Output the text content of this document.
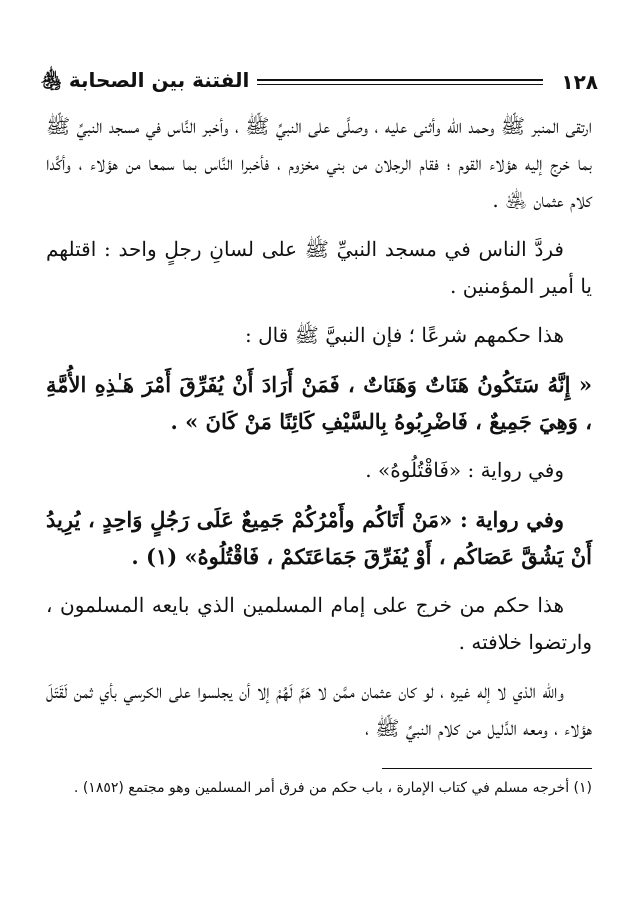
١٢٨
الفتنة بين الصحابة ﵃

ارتقى المنبر ﷺ وحمد الله وأثنى عليه ، وصلَّى على النبيِّ ﷺ ، وأخبر النَّاس في مسجد النبيِّ ﷺ بما خرج إليه هؤلاء القوم ؛ فقام الرجلان من بني مخزوم ، فأخبرا النَّاس بما سمعا من هؤلاء ، وأكَّدا كلام عثمان ﵁ .

فردَّ الناس في مسجد النبيِّ ﷺ على لسانِ رجلٍ واحد : اقتلهم يا أمير المؤمنين .

هذا حكمهم شرعًا ؛ فإن النبيَّ ﷺ قال :

« إِنَّهُ سَتَكُونُ هَنَاتٌ وَهَنَاتٌ ، فَمَنْ أَرَادَ أَنْ يُفَرِّقَ أَمْرَ هَـٰذِهِ الأُمَّةِ ، وَهِيَ جَمِيعٌ ، فَاضْرِبُوهُ بِالسَّيْفِ كَائِنًا مَنْ كَانَ » .

وفي رواية : «فَاقْتُلُوهُ» .

وفي رواية : «مَنْ أَتَاكُم وأَمْرُكُمْ جَمِيعٌ عَلَى رَجُلٍ وَاحِدٍ ، يُرِيدُ أَنْ يَشُقَّ عَصَاكُم ، أَوْ يُفَرِّقَ جَمَاعَتَكمْ ، فَاقْتُلُوهُ» (١) .

هذا حكم من خرج على إمام المسلمين الذي بايعه المسلمون ، وارتضوا خلافته .

والله الذي لا إله غيره ، لو كان عثمان ممَّن لا هَمَّ لَهُمْ إلا أن يجلسوا على الكرسي بأي ثمن لَقَتَلَ هؤلاء ، ومعه الدَّليل من كلام النبيِّ ﷺ ،

(١) أخرجه مسلم في كتاب الإمارة ، باب حكم من فرق أمر المسلمين وهو مجتمع (١٨٥٢) .
